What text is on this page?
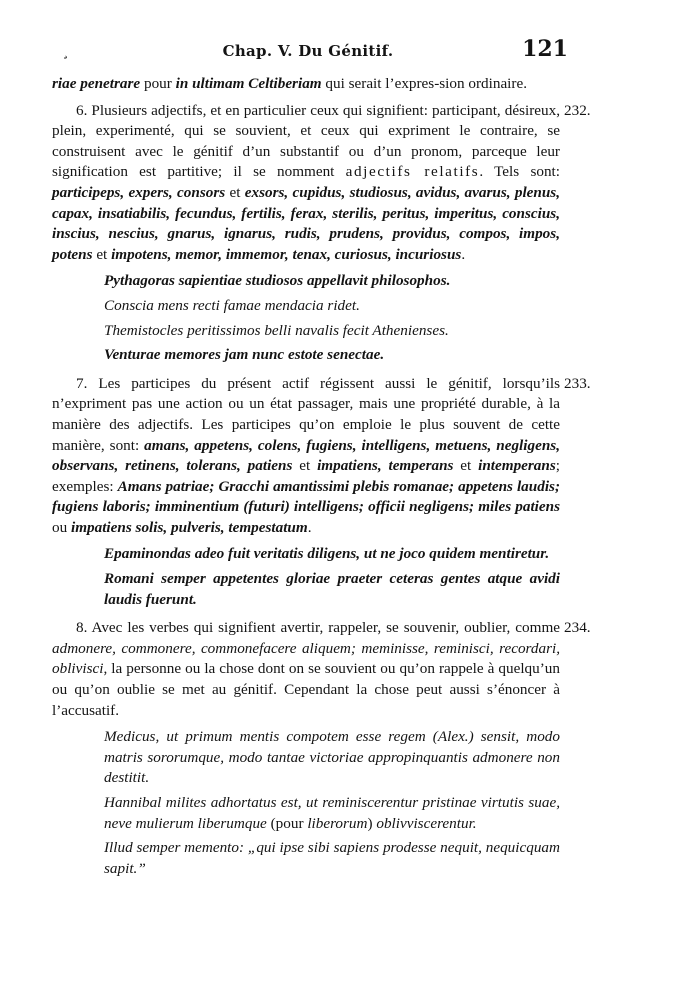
¸	Chap. V. Du Génitif.	121

riae penetrare pour in ultimam Celtiberiam qui serait l’expres-sion ordinaire.

232.

6. Plusieurs adjectifs, et en particulier ceux qui signifient: participant, désireux, plein, experimenté, qui se souvient, et ceux qui expriment le contraire, se construisent avec le génitif d’un substantif ou d’un pronom, parceque leur signification est partitive; il se nomment adjectifs relatifs. Tels sont: participeps, expers, consors et exsors, cupidus, studiosus, avidus, avarus, plenus, capax, insatiabilis, fecundus, fertilis, ferax, sterilis, peritus, imperitus, conscius, inscius, nescius, gnarus, ignarus, rudis, prudens, providus, compos, impos, potens et impotens, memor, immemor, tenax, curiosus, incuriosus.

Pythagoras sapientiae studiosos appellavit philosophos.

Conscia mens recti famae mendacia ridet.

Themistocles peritissimos belli navalis fecit Athenienses.

Venturae memores jam nunc estote senectae.

233.

7. Les participes du présent actif régissent aussi le génitif, lorsqu’ils n’expriment pas une action ou un état passager, mais une propriété durable, à la manière des adjectifs. Les participes qu’on emploie le plus souvent de cette manière, sont: amans, appetens, colens, fugiens, intelligens, metuens, negligens, observans, retinens, tolerans, patiens et impatiens, temperans et intemperans; exemples: Amans patriae; Gracchi amantissimi plebis romanae; appetens laudis; fugiens laboris; imminentium (futuri) intelligens; officii negligens; miles patiens ou impatiens solis, pulveris, tempestatum.

Epaminondas adeo fuit veritatis diligens, ut ne joco quidem mentiretur.

Romani semper appetentes gloriae praeter ceteras gentes atque avidi laudis fuerunt.

234.

8. Avec les verbes qui signifient avertir, rappeler, se souvenir, oublier, comme admonere, commonere, commonefacere aliquem; meminisse, reminisci, recordari, oblivisci, la personne ou la chose dont on se souvient ou qu’on rappele à quelqu’un ou qu’on oublie se met au génitif. Cependant la chose peut aussi s’énoncer à l’accusatif.

Medicus, ut primum mentis compotem esse regem (Alex.) sensit, modo matris sororumque, modo tantae victoriae appropinquantis admonere non destitit.

Hannibal milites adhortatus est, ut reminiscerentur pristinae virtutis suae, neve mulierum liberumque (pour liberorum) oblivviscerentur.

Illud semper memento: „qui ipse sibi sapiens prodesse nequit, nequicquam sapit.”
